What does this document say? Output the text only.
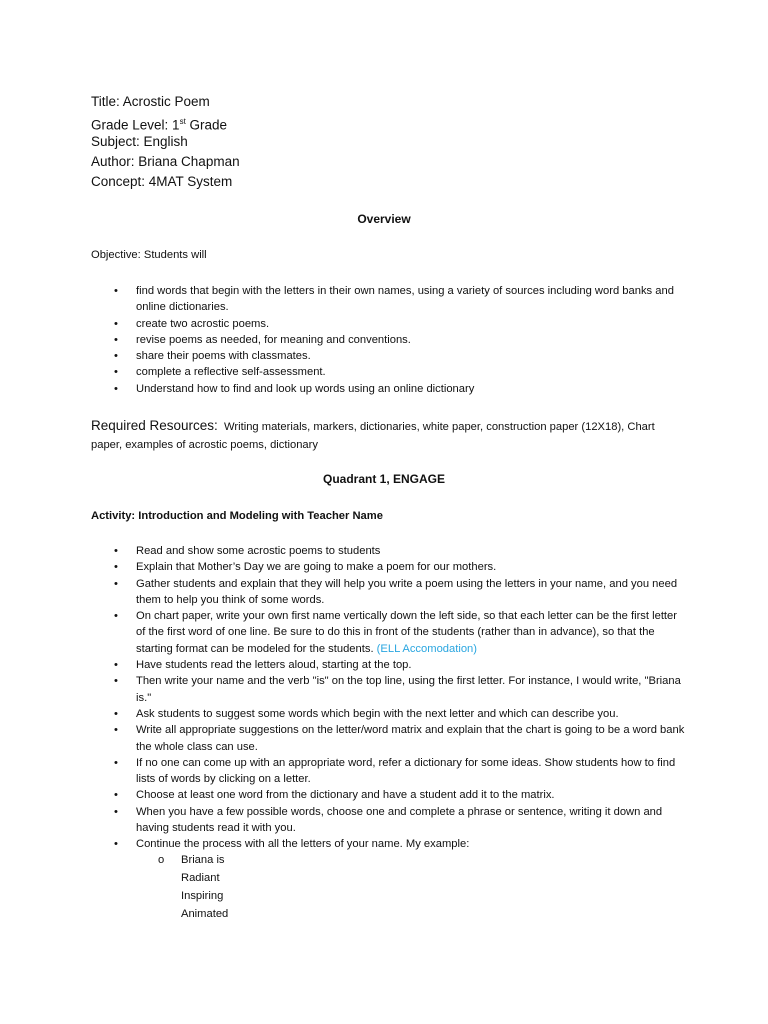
Title: Acrostic Poem
Grade Level: 1st Grade
Subject: English
Author: Briana Chapman
Concept: 4MAT System
Overview
Objective: Students will
• find words that begin with the letters in their own names, using a variety of sources including word banks and online dictionaries.
• create two acrostic poems.
• revise poems as needed, for meaning and conventions.
• share their poems with classmates.
• complete a reflective self-assessment.
• Understand how to find and look up words using an online dictionary
Required Resources: Writing materials, markers, dictionaries, white paper, construction paper (12X18), Chart paper, examples of acrostic poems, dictionary
Quadrant 1, ENGAGE
Activity: Introduction and Modeling with Teacher Name
• Read and show some acrostic poems to students
• Explain that Mother’s Day we are going to make a poem for our mothers.
• Gather students and explain that they will help you write a poem using the letters in your name, and you need them to help you think of some words.
• On chart paper, write your own first name vertically down the left side, so that each letter can be the first letter of the first word of one line. Be sure to do this in front of the students (rather than in advance), so that the starting format can be modeled for the students. (ELL Accomodation)
• Have students read the letters aloud, starting at the top.
• Then write your name and the verb "is" on the top line, using the first letter. For instance, I would write, "Briana is."
• Ask students to suggest some words which begin with the next letter and which can describe you.
• Write all appropriate suggestions on the letter/word matrix and explain that the chart is going to be a word bank the whole class can use.
• If no one can come up with an appropriate word, refer a dictionary for some ideas. Show students how to find lists of words by clicking on a letter.
• Choose at least one word from the dictionary and have a student add it to the matrix.
• When you have a few possible words, choose one and complete a phrase or sentence, writing it down and having students read it with you.
• Continue the process with all the letters of your name. My example:
o Briana is
Radiant
Inspiring
Animated
